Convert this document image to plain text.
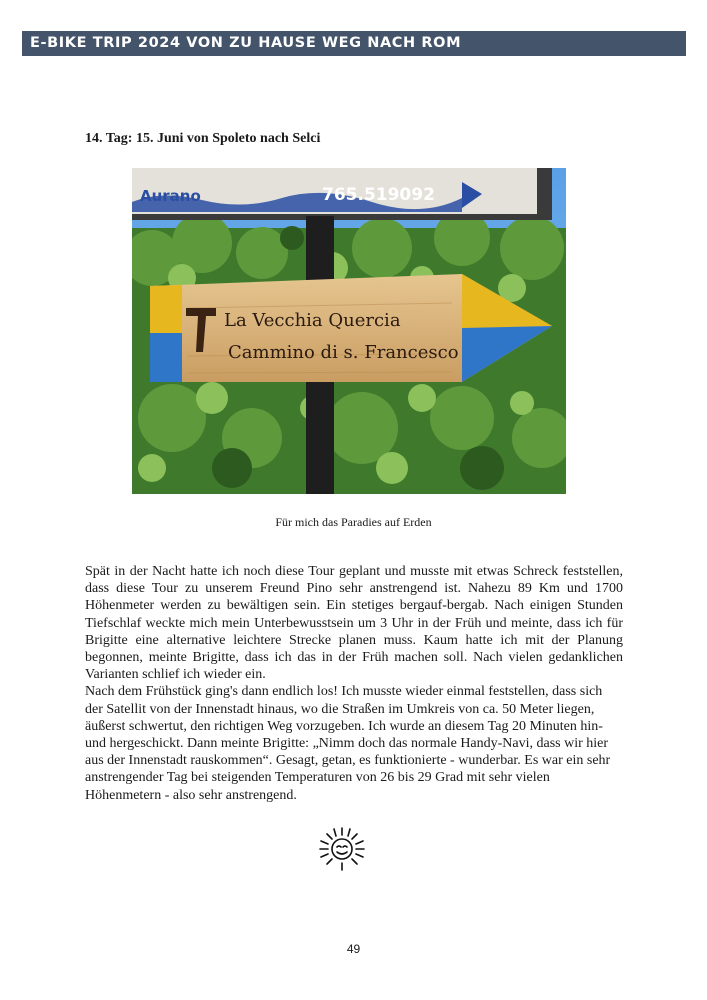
E-BIKE TRIP 2024 VON ZU HAUSE WEG NACH ROM
14. Tag: 15. Juni von Spoleto nach Selci
Aurano	765.519092
La Vecchia Quercia
Cammino di s. Francesco
Für mich das Paradies auf Erden

Spät in der Nacht hatte ich noch diese Tour geplant und musste mit etwas Schreck feststellen, dass diese Tour zu unserem Freund Pino sehr anstrengend ist. Nahezu 89 Km und 1700 Höhenmeter werden zu bewältigen sein. Ein stetiges bergauf-bergab. Nach einigen Stunden Tiefschlaf weckte mich mein Unterbewusstsein um 3 Uhr in der Früh und meinte, dass ich für Brigitte eine alternative leichtere Strecke planen muss. Kaum hatte ich mit der Planung begonnen, meinte Brigitte, dass ich das in der Früh machen soll. Nach vielen gedanklichen Varianten schlief ich wieder ein.

Nach dem Frühstück ging's dann endlich los! Ich musste wieder einmal feststellen, dass sich der Satellit von der Innenstadt hinaus, wo die Straßen im Umkreis von ca. 50 Meter liegen, äußerst schwertut, den richtigen Weg vorzugeben. Ich wurde an diesem Tag 20 Minuten hin- und hergeschickt. Dann meinte Brigitte: „Nimm doch das normale Handy-Navi, dass wir hier aus der Innenstadt rauskommen“. Gesagt, getan, es funktionierte - wunderbar. Es war ein sehr anstrengender Tag bei steigenden Temperaturen von 26 bis 29 Grad mit sehr vielen Höhenmetern - also sehr anstrengend.

49
